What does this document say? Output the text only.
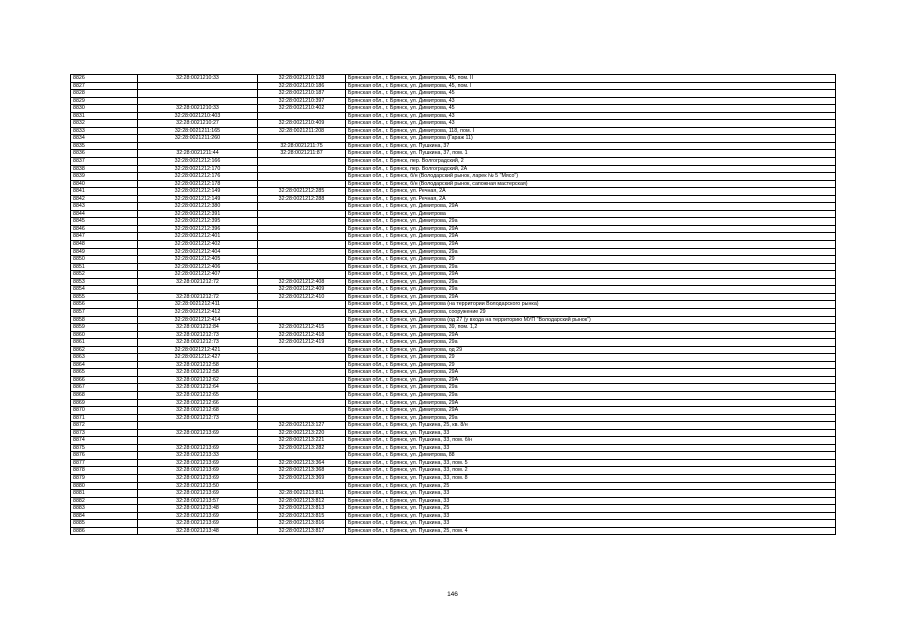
8826	32:28:0021210:33	32:28:0021210:128	Брянская обл., г. Брянск, ул. Димитрова, 45, пом. II
8827		32:28:0021210:186	Брянская обл., г. Брянск, ул. Димитрова, 45, пом. I
8828		32:28:0021210:187	Брянская обл., г. Брянск, ул. Димитрова, 45
8829		32:28:0021210:397	Брянская обл., г. Брянск, ул. Димитрова, 43
8830	32:28:0021210:33	32:28:0021210:402	Брянская обл., г. Брянск, ул. Димитрова, 45
8831	32:28:0021210:403		Брянская обл., г. Брянск, ул. Димитрова, 43
8832	32:28:0021210:27	32:28:0021210:409	Брянская обл., г. Брянск, ул. Димитрова, 43
8833	32:28:0021211:165	32:28:0021211:208	Брянская обл., г. Брянск, ул. Димитрова, 118, пом. I
8834	32:28:0021211:260		Брянская обл., г. Брянск, ул. Димитрова (Гараж 11)
8835		32:28:0021211:75	Брянская обл., г. Брянск, ул. Пушкина, 37
8836	32:28:0021211:44	32:28:0021211:87	Брянская обл., г. Брянск, ул. Пушкина, 37, пом. 1
8837	32:28:0021212:166		Брянская обл., г. Брянск, пер. Волгоградский, 2
8838	32:28:0021212:170		Брянская обл., г. Брянск, пер. Волгоградский, 2А
8839	32:28:0021212:176		Брянская обл., г. Брянск, б/н (Володарский рынок, ларек № 5 "Мясо")
8840	32:28:0021212:178		Брянская обл., г. Брянск, б/н (Володарский рынок, сапожная мастерская)
8841	32:28:0021212:149	32:28:0021212:285	Брянская обл., г. Брянск, ул. Речная, 2А
8842	32:28:0021212:149	32:28:0021212:288	Брянская обл., г. Брянск, ул. Речная, 2А
8843	32:28:0021212:380		Брянская обл., г. Брянск, ул. Димитрова, 29А
8844	32:28:0021212:391		Брянская обл., г. Брянск, ул. Димитрова
8845	32:28:0021212:395		Брянская обл., г. Брянск, ул. Димитрова, 29а
8846	32:28:0021212:396		Брянская обл., г. Брянск, ул. Димитрова, 29А
8847	32:28:0021212:401		Брянская обл., г. Брянск, ул. Димитрова, 29А
8848	32:28:0021212:402		Брянская обл., г. Брянск, ул. Димитрова, 29А
8849	32:28:0021212:404		Брянская обл., г. Брянск, ул. Димитрова, 29а
8850	32:28:0021212:405		Брянская обл., г. Брянск, ул. Димитрова, 29
8851	32:28:0021212:406		Брянская обл., г. Брянск, ул. Димитрова, 29а
8852	32:28:0021212:407		Брянская обл., г. Брянск, ул. Димитрова, 29А
8853	32:28:0021212:72	32:28:0021212:408	Брянская обл., г. Брянск, ул. Димитрова, 29а
8854		32:28:0021212:409	Брянская обл., г. Брянск, ул. Димитрова, 29а
8855	32:28:0021212:72	32:28:0021212:410	Брянская обл., г. Брянск, ул. Димитрова, 29А
8856	32:28:0021212:411		Брянская обл., г. Брянск, ул. Димитрова (на территории Володарского рынка)
8857	32:28:0021212:412		Брянская обл., г. Брянск, ул. Димитрова, сооружение 29
8858	32:28:0021212:414		Брянская обл., г. Брянск, ул. Димитрова (од 27 (у входа на территорию МУП "Володарский рынок")
8859	32:28:0021212:84	32:28:0021212:415	Брянская обл., г. Брянск, ул. Димитрова, 39, пом. 1,2
8860	32:28:0021212:73	32:28:0021212:418	Брянская обл., г. Брянск, ул. Димитрова, 29А
8861	32:28:0021212:73	32:28:0021212:419	Брянская обл., г. Брянск, ул. Димитрова, 29а
8862	32:28:0021212:421		Брянская обл., г. Брянск, ул. Димитрова, од 29
8863	32:28:0021212:427		Брянская обл., г. Брянск, ул. Димитрова, 29
8864	32:28:0021212:58		Брянская обл., г. Брянск, ул. Димитрова, 29
8865	32:28:0021212:58		Брянская обл., г. Брянск, ул. Димитрова, 29А
8866	32:28:0021212:62		Брянская обл., г. Брянск, ул. Димитрова, 29А
8867	32:28:0021212:64		Брянская обл., г. Брянск, ул. Димитрова, 29а
8868	32:28:0021212:65		Брянская обл., г. Брянск, ул. Димитрова, 29а
8869	32:28:0021212:66		Брянская обл., г. Брянск, ул. Димитрова, 29А
8870	32:28:0021212:68		Брянская обл., г. Брянск, ул. Димитрова, 29А
8871	32:28:0021212:73		Брянская обл., г. Брянск, ул. Димитрова, 29а
8872		32:28:0021213:127	Брянская обл., г. Брянск, ул. Пушкина, 25, кв. 8/н
8873	32:28:0021213:69	32:28:0021213:220	Брянская обл., г. Брянск, ул. Пушкина, 33
8874		32:28:0021213:221	Брянская обл., г. Брянск, ул. Пушкина, 33, пом. б/н
8875	32:28:0021213:69	32:28:0021213:282	Брянская обл., г. Брянск, ул. Пушкина, 33
8876	32:28:0021213:33		Брянская обл., г. Брянск, ул. Димитрова, 88
8877	32:28:0021213:69	32:28:0021213:364	Брянская обл., г. Брянск, ул. Пушкина, 33, пом. 5
8878	32:28:0021213:69	32:28:0021213:368	Брянская обл., г. Брянск, ул. Пушкина, 33, пом. 2
8879	32:28:0021213:69	32:28:0021213:369	Брянская обл., г. Брянск, ул. Пушкина, 33, пом. 8
8880	32:28:0021213:50		Брянская обл., г. Брянск, ул. Пушкина, 25
8881	32:28:0021213:69	32:28:0021213:811	Брянская обл., г. Брянск, ул. Пушкина, 33
8882	32:28:0021213:57	32:28:0021213:812	Брянская обл., г. Брянск, ул. Пушкина, 33
8883	32:28:0021213:48	32:28:0021213:813	Брянская обл., г. Брянск, ул. Пушкина, 25
8884	32:28:0021213:69	32:28:0021213:815	Брянская обл., г. Брянск, ул. Пушкина, 33
8885	32:28:0021213:69	32:28:0021213:816	Брянская обл., г. Брянск, ул. Пушкина, 33
8886	32:28:0021213:48	32:28:0021213:817	Брянская обл., г. Брянск, ул. Пушкина, 25, пом. 4
146
